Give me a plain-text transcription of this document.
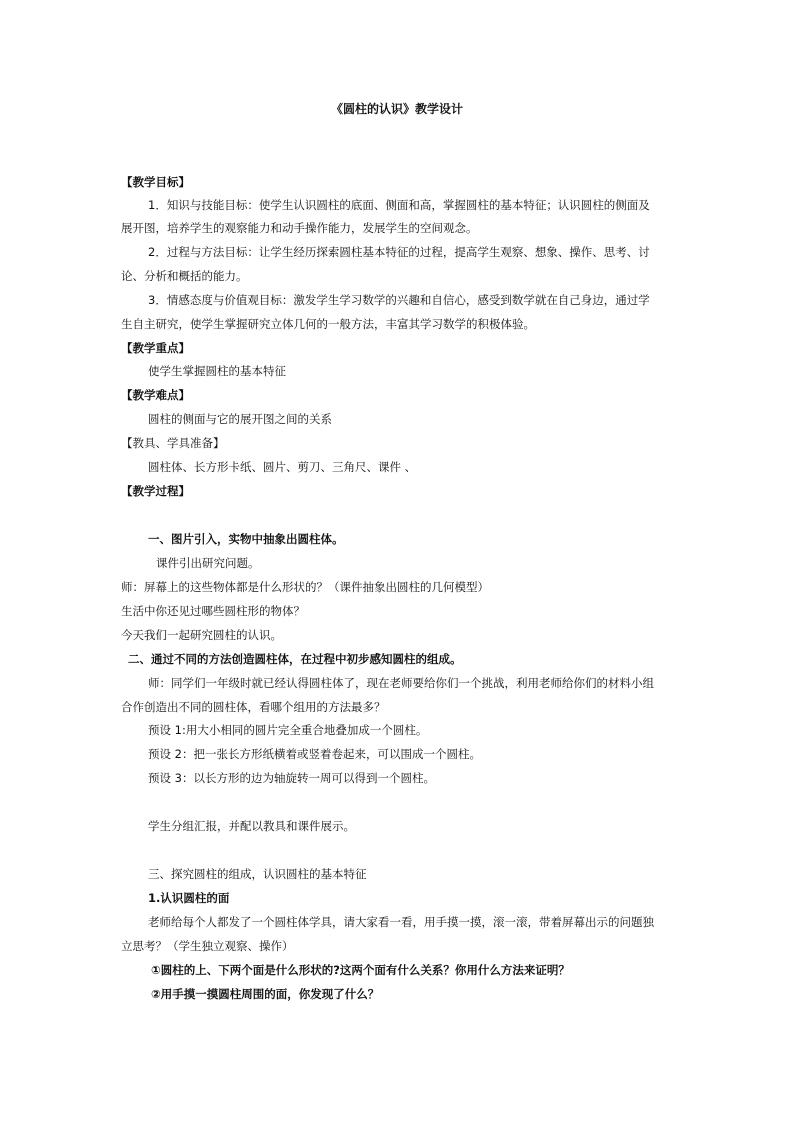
《圆柱的认识》教学设计
【教学目标】
1．知识与技能目标：使学生认识圆柱的底面、侧面和高，掌握圆柱的基本特征；认识圆柱的侧面及
展开图，培养学生的观察能力和动手操作能力，发展学生的空间观念。
2．过程与方法目标：让学生经历探索圆柱基本特征的过程，提高学生观察、想象、操作、思考、讨
论、分析和概括的能力。
3．情感态度与价值观目标：激发学生学习数学的兴趣和自信心，感受到数学就在自己身边，通过学
生自主研究，使学生掌握研究立体几何的一般方法，丰富其学习数学的积极体验。
【教学重点】
使学生掌握圆柱的基本特征
【教学难点】
圆柱的侧面与它的展开图之间的关系
【教具、学具准备】
圆柱体、长方形卡纸、圆片、剪刀、三角尺、课件 、
【教学过程】
一、图片引入，实物中抽象出圆柱体。
课件引出研究问题。
师：屏幕上的这些物体都是什么形状的？（课件抽象出圆柱的几何模型）
生活中你还见过哪些圆柱形的物体？
今天我们一起研究圆柱的认识。
二、通过不同的方法创造圆柱体，在过程中初步感知圆柱的组成。
师：同学们一年级时就已经认得圆柱体了，现在老师要给你们一个挑战，利用老师给你们的材料小组
合作创造出不同的圆柱体，看哪个组用的方法最多？
预设 1:用大小相同的圆片完全重合地叠加成一个圆柱。
预设 2：把一张长方形纸横着或竖着卷起来，可以围成一个圆柱。
预设 3：以长方形的边为轴旋转一周可以得到一个圆柱。
学生分组汇报，并配以教具和课件展示。
三、探究圆柱的组成，认识圆柱的基本特征
1.认识圆柱的面
老师给每个人都发了一个圆柱体学具，请大家看一看，用手摸一摸，滚一滚，带着屏幕出示的问题独
立思考？（学生独立观察、操作）
①圆柱的上、下两个面是什么形状的?这两个面有什么关系？你用什么方法来证明？
②用手摸一摸圆柱周围的面，你发现了什么？
